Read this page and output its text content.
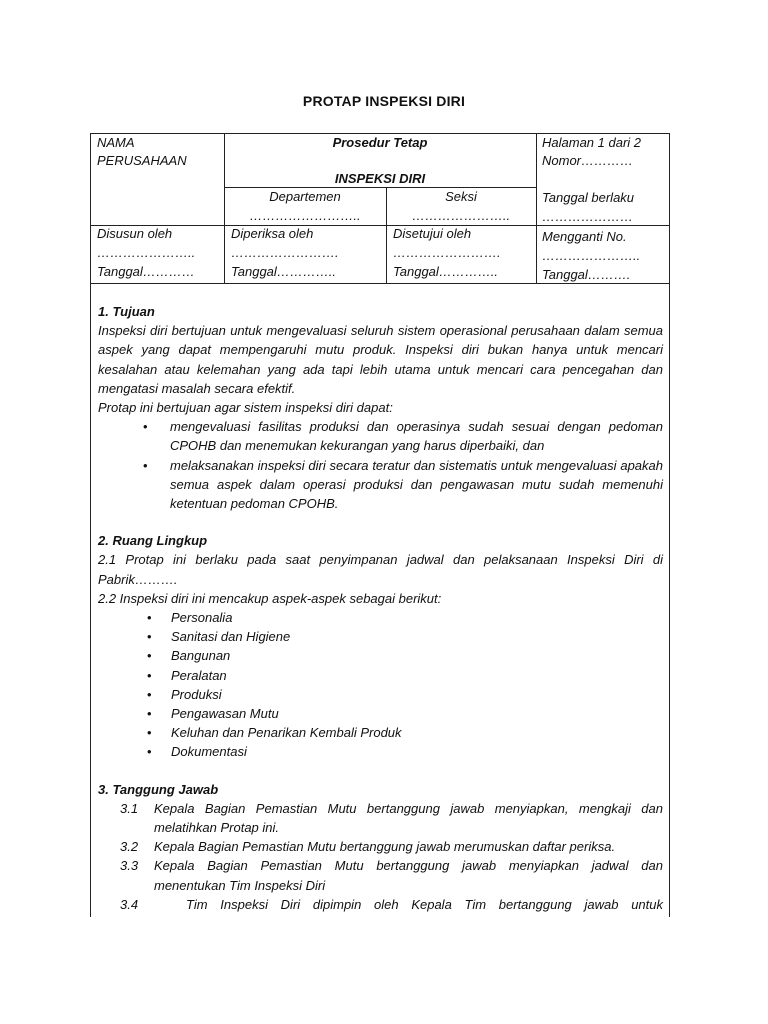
PROTAP INSPEKSI DIRI
NAMA
PERUSAHAAN
Prosedur Tetap
INSPEKSI DIRI
Departemen
……………………..
Seksi
…………………..
Halaman 1 dari 2
Nomor…………
Tanggal berlaku
…………………
Disusun oleh
…………………..
Tanggal…………
Diperiksa oleh
…………………….
Tanggal…………..
Disetujui oleh
…………………….
Tanggal…………..
Mengganti No.
…………………..
Tanggal……….

1. Tujuan

Inspeksi diri bertujuan untuk mengevaluasi seluruh sistem operasional perusahaan dalam semua aspek yang dapat mempengaruhi mutu produk. Inspeksi diri bukan hanya untuk mencari kesalahan atau kelemahan yang ada tapi lebih utama untuk mencari cara pencegahan dan mengatasi masalah secara efektif.

Protap ini bertujuan agar sistem inspeksi diri dapat:

• mengevaluasi fasilitas produksi dan operasinya sudah sesuai dengan pedoman CPOHB dan menemukan kekurangan yang harus diperbaiki, dan
• melaksanakan inspeksi diri secara teratur dan sistematis untuk mengevaluasi apakah semua aspek dalam operasi produksi dan pengawasan mutu sudah memenuhi ketentuan pedoman CPOHB.

2. Ruang Lingkup

2.1 Protap ini berlaku pada saat penyimpanan jadwal dan pelaksanaan Inspeksi Diri di Pabrik……….

2.2 Inspeksi diri ini mencakup aspek-aspek sebagai berikut:

• Personalia
• Sanitasi dan Higiene
• Bangunan
• Peralatan
• Produksi
• Pengawasan Mutu
• Keluhan dan Penarikan Kembali Produk
• Dokumentasi

3. Tanggung Jawab

3.1 Kepala Bagian Pemastian Mutu bertanggung jawab menyiapkan, mengkaji dan melatihkan Protap ini.
3.2 Kepala Bagian Pemastian Mutu bertanggung jawab merumuskan daftar periksa.
3.3 Kepala Bagian Pemastian Mutu bertanggung jawab menyiapkan jadwal dan menentukan Tim Inspeksi Diri
3.4	Tim Inspeksi Diri dipimpin oleh Kepala Tim bertanggung jawab untuk
